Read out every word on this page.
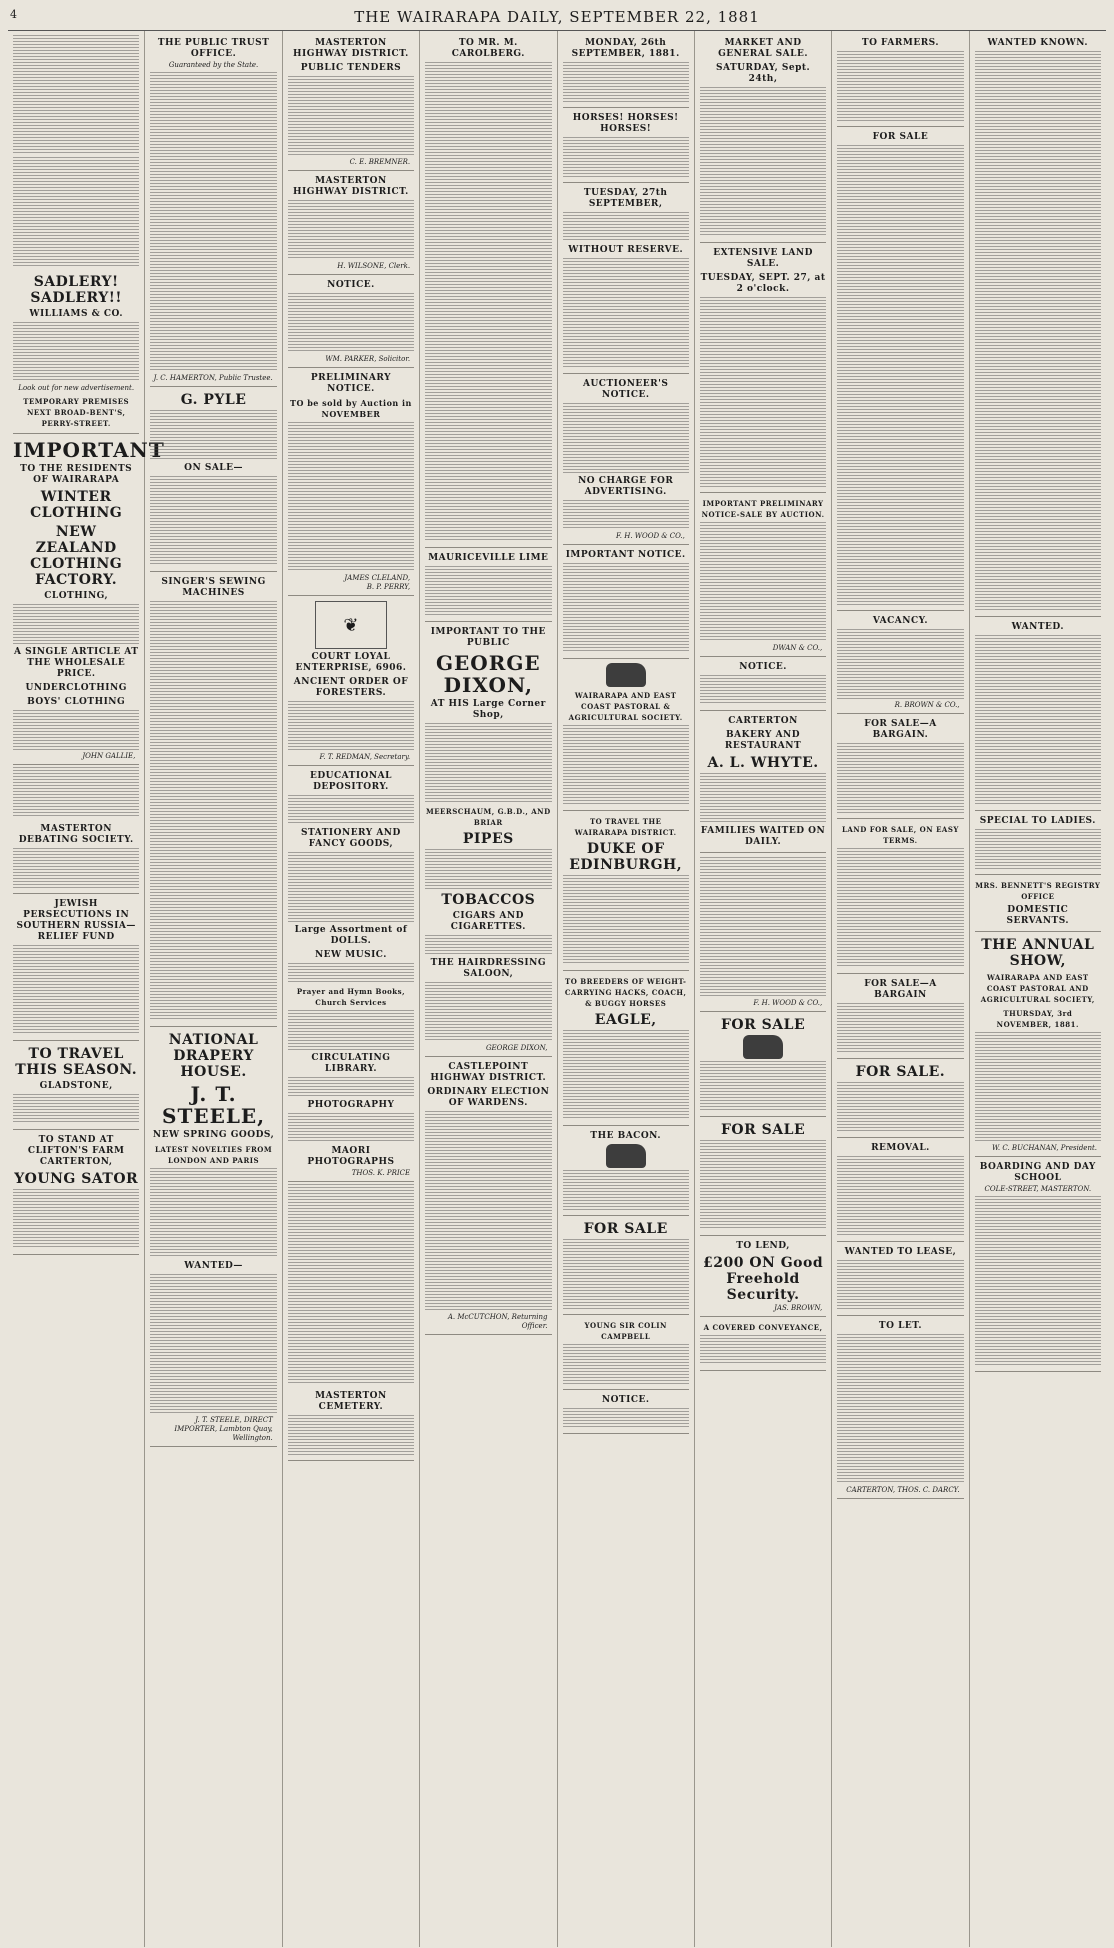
4	THE WAIRARAPA DAILY, SEPTEMBER 22, 1881
SADLERY! SADLERY!!
WILLIAMS & CO.
Look out for new advertisement.
TEMPORARY PREMISES NEXT BROAD-BENT'S, PERRY-STREET.
IMPORTANT
TO THE RESIDENTS OF WAIRARAPA
WINTER CLOTHING
NEW ZEALAND CLOTHING FACTORY.
CLOTHING,
A SINGLE ARTICLE AT THE WHOLESALE PRICE.
UNDERCLOTHING
BOYS' CLOTHING
JOHN GALLIE,
MASTERTON DEBATING SOCIETY.
JEWISH PERSECUTIONS IN SOUTHERN RUSSIA—RELIEF FUND
TO TRAVEL THIS SEASON.
GLADSTONE,
TO STAND AT CLIFTON'S FARM CARTERTON,
YOUNG SATOR
THE PUBLIC TRUST OFFICE.
Guaranteed by the State.
J. C. HAMERTON, Public Trustee.
G. PYLE
ON SALE—
SINGER'S SEWING MACHINES
NATIONAL DRAPERY HOUSE.
J. T. STEELE,
NEW SPRING GOODS,
LATEST NOVELTIES FROM LONDON AND PARIS
WANTED—
J. T. STEELE, DIRECT IMPORTER, Lambton Quay, Wellington.
MASTERTON HIGHWAY DISTRICT.
PUBLIC TENDERS
C. E. BREMNER.
MASTERTON HIGHWAY DISTRICT.
H. WILSONE, Clerk.
NOTICE.
WM. PARKER, Solicitor.
PRELIMINARY NOTICE.
TO be sold by Auction in NOVEMBER
JAMES CLELAND,
B. P. PERRY,
❦
COURT LOYAL ENTERPRISE, 6906.
ANCIENT ORDER OF FORESTERS.
F. T. REDMAN, Secretary.
EDUCATIONAL DEPOSITORY.
STATIONERY AND FANCY GOODS,
Large Assortment of DOLLS.
NEW MUSIC.
Prayer and Hymn Books, Church Services
CIRCULATING LIBRARY.
PHOTOGRAPHY
MAORI PHOTOGRAPHS
THOS. K. PRICE
MASTERTON CEMETERY.
TO MR. M. CAROLBERG.
MAURICEVILLE LIME
IMPORTANT TO THE PUBLIC
GEORGE DIXON,
AT HIS Large Corner Shop,
MEERSCHAUM, G.B.D., AND BRIAR
PIPES
TOBACCOS
CIGARS AND CIGARETTES.
THE HAIRDRESSING SALOON,
GEORGE DIXON,
CASTLEPOINT HIGHWAY DISTRICT.
ORDINARY ELECTION OF WARDENS.
A. McCUTCHON, Returning Officer.
MONDAY, 26th SEPTEMBER, 1881.
HORSES! HORSES! HORSES!
TUESDAY, 27th SEPTEMBER,
WITHOUT RESERVE.
AUCTIONEER'S NOTICE.
NO CHARGE FOR ADVERTISING.
F. H. WOOD & CO.,
IMPORTANT NOTICE.
WAIRARAPA AND EAST COAST PASTORAL & AGRICULTURAL SOCIETY.
TO TRAVEL THE WAIRARAPA DISTRICT.
DUKE OF EDINBURGH,
TO BREEDERS OF WEIGHT-CARRYING HACKS, COACH, & BUGGY HORSES
EAGLE,
THE BACON.
FOR SALE
YOUNG SIR COLIN CAMPBELL
NOTICE.
MARKET AND GENERAL SALE.
SATURDAY, Sept. 24th,
EXTENSIVE LAND SALE.
TUESDAY, SEPT. 27, at 2 o'clock.
IMPORTANT PRELIMINARY NOTICE-SALE BY AUCTION.
DWAN & CO.,
NOTICE.
CARTERTON
BAKERY AND RESTAURANT
A. L. WHYTE.
FAMILIES WAITED ON DAILY.
F. H. WOOD & CO.,
FOR SALE
FOR SALE
TO LEND,
£200 ON Good Freehold Security.
JAS. BROWN,
A COVERED CONVEYANCE,
TO FARMERS.
FOR SALE
VACANCY.
R. BROWN & CO.,
FOR SALE—A BARGAIN.
LAND FOR SALE, ON EASY TERMS.
FOR SALE—A BARGAIN
FOR SALE.
REMOVAL.
WANTED TO LEASE,
TO LET.
CARTERTON, THOS. C. DARCY.
WANTED KNOWN.
WANTED.
SPECIAL TO LADIES.
MRS. BENNETT'S REGISTRY OFFICE
DOMESTIC SERVANTS.
THE ANNUAL SHOW,
WAIRARAPA AND EAST COAST PASTORAL AND AGRICULTURAL SOCIETY,
THURSDAY, 3rd NOVEMBER, 1881.
W. C. BUCHANAN, President.
BOARDING AND DAY SCHOOL
COLE-STREET, MASTERTON.
